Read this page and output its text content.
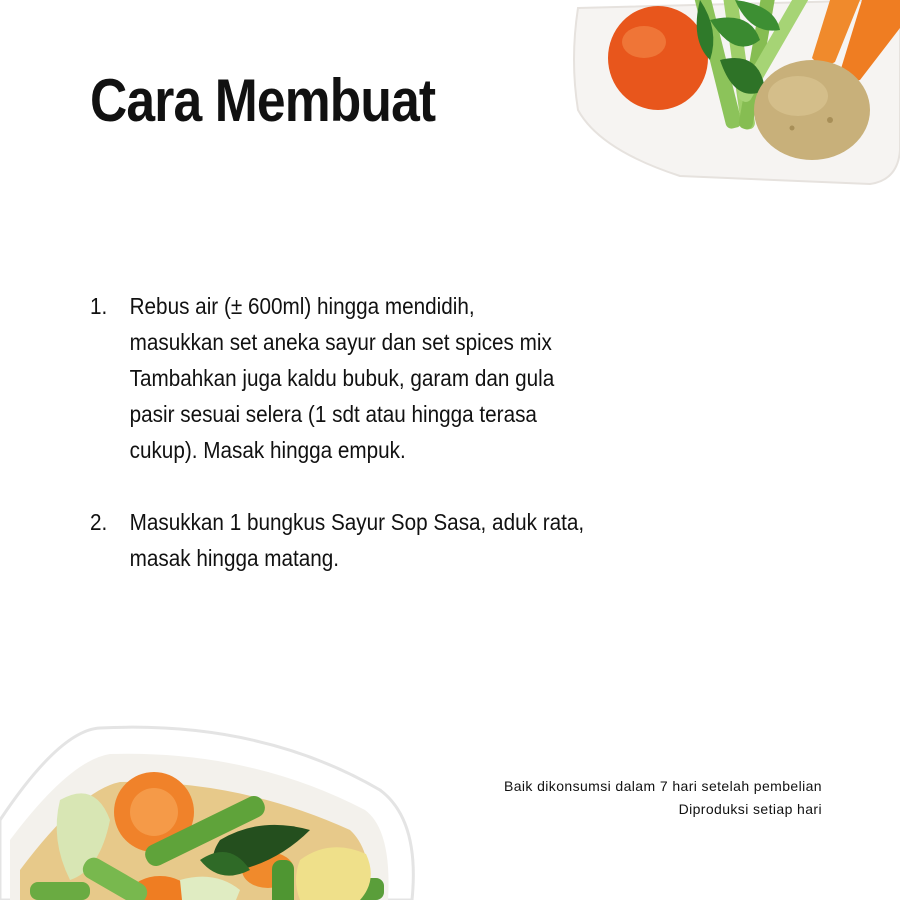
Cara Membuat
1. Rebus air (± 600ml) hingga mendidih,
masukkan set aneka sayur dan set spices mix
Tambahkan juga kaldu bubuk, garam dan gula
pasir sesuai selera (1 sdt atau hingga terasa
cukup). Masak hingga empuk.
2. Masukkan 1 bungkus Sayur Sop Sasa, aduk rata,
masak hingga matang.
Baik dikonsumsi dalam 7 hari setelah pembelian
Diproduksi setiap hari
